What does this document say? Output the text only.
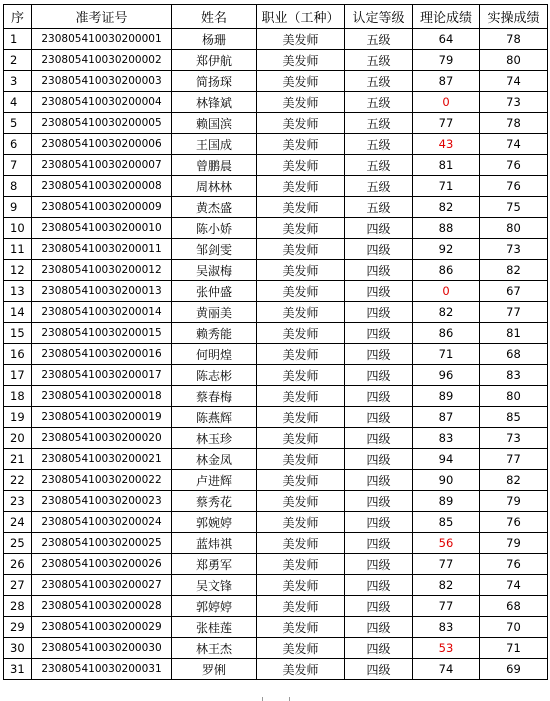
序	准考证号	姓名	职业（工种）	认定等级	理论成绩	实操成绩
1	230805410030200001	杨珊	美发师	五级	64	78
2	230805410030200002	郑伊航	美发师	五级	79	80
3	230805410030200003	简扬琛	美发师	五级	87	74
4	230805410030200004	林锋斌	美发师	五级	0	73
5	230805410030200005	赖国滨	美发师	五级	77	78
6	230805410030200006	王国成	美发师	五级	43	74
7	230805410030200007	曾鹏晨	美发师	五级	81	76
8	230805410030200008	周林林	美发师	五级	71	76
9	230805410030200009	黄杰盛	美发师	五级	82	75
10	230805410030200010	陈小娇	美发师	四级	88	80
11	230805410030200011	邹剑雯	美发师	四级	92	73
12	230805410030200012	吴淑梅	美发师	四级	86	82
13	230805410030200013	张仲盛	美发师	四级	0	67
14	230805410030200014	黄丽美	美发师	四级	82	77
15	230805410030200015	赖秀能	美发师	四级	86	81
16	230805410030200016	何明煌	美发师	四级	71	68
17	230805410030200017	陈志彬	美发师	四级	96	83
18	230805410030200018	蔡春梅	美发师	四级	89	80
19	230805410030200019	陈燕辉	美发师	四级	87	85
20	230805410030200020	林玉珍	美发师	四级	83	73
21	230805410030200021	林金凤	美发师	四级	94	77
22	230805410030200022	卢进辉	美发师	四级	90	82
23	230805410030200023	蔡秀花	美发师	四级	89	79
24	230805410030200024	郭婉婷	美发师	四级	85	76
25	230805410030200025	蓝炜祺	美发师	四级	56	79
26	230805410030200026	郑勇军	美发师	四级	77	76
27	230805410030200027	吴文锋	美发师	四级	82	74
28	230805410030200028	郭婷婷	美发师	四级	77	68
29	230805410030200029	张桂莲	美发师	四级	83	70
30	230805410030200030	林王杰	美发师	四级	53	71
31	230805410030200031	罗俐	美发师	四级	74	69
